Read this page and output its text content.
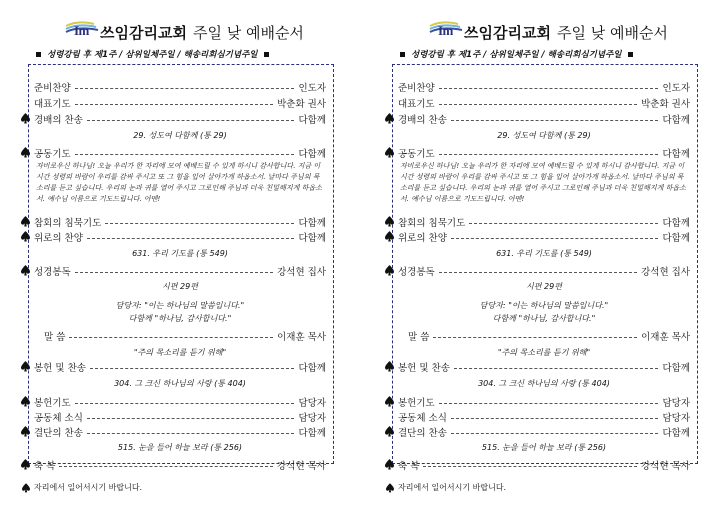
Im 쓰임감리교회 주일 낮 예배순서
성령강림 후 제1주 / 삼위일체주일 / 해송리회심기념주일
준비찬양	인도자
대표기도	박춘화 권사
경배의 찬송	다함께
29. 성도여 다함께 (통 29)
공동기도	다함께
자비로우신 하나님! 오늘 우리가 한 자리에 모여 예배드릴 수 있게 하시니 감사합니다. 지금 이 시간 성령의 바람이 우리를 감싸 주시고 또 그 힘을 입어 살아가게 하옵소서. 날마다 주님의 목소리를 듣고 싶습니다. 우리의 눈과 귀를 열어 주시고 그로인해 주님과 더욱 친밀해지게 하옵소서. 예수님 이름으로 기도드립니다. 아멘!
참회의 침묵기도	다함께
위로의 찬양	다함께
631. 우리 기도를 (통 549)
성경봉독	강석현 집사
시편 29편
담당자: "이는 하나님의 말씀입니다."
다함께 "하나님, 감사합니다."
말 씀	이재훈 목사
"주의 목소리를 듣기 위해"
봉헌 및 찬송	다함께
304. 그 크신 하나님의 사랑 (통 404)
봉헌기도	담당자
공동체 소식	담당자
결단의 찬송	다함께
515. 눈을 들어 하늘 보라 (통 256)
축 복	강석현 목사
자리에서 일어서시기 바랍니다.
Im 쓰임감리교회 주일 낮 예배순서
성령강림 후 제1주 / 삼위일체주일 / 해송리회심기념주일
준비찬양	인도자
대표기도	박춘화 권사
경배의 찬송	다함께
29. 성도여 다함께 (통 29)
공동기도	다함께
자비로우신 하나님! 오늘 우리가 한 자리에 모여 예배드릴 수 있게 하시니 감사합니다. 지금 이 시간 성령의 바람이 우리를 감싸 주시고 또 그 힘을 입어 살아가게 하옵소서. 날마다 주님의 목소리를 듣고 싶습니다. 우리의 눈과 귀를 열어 주시고 그로인해 주님과 더욱 친밀해지게 하옵소서. 예수님 이름으로 기도드립니다. 아멘!
참회의 침묵기도	다함께
위로의 찬양	다함께
631. 우리 기도를 (통 549)
성경봉독	강석현 집사
시편 29편
담당자: "이는 하나님의 말씀입니다."
다함께 "하나님, 감사합니다."
말 씀	이재훈 목사
"주의 목소리를 듣기 위해"
봉헌 및 찬송	다함께
304. 그 크신 하나님의 사랑 (통 404)
봉헌기도	담당자
공동체 소식	담당자
결단의 찬송	다함께
515. 눈을 들어 하늘 보라 (통 256)
축 복	강석현 목사
자리에서 일어서시기 바랍니다.
